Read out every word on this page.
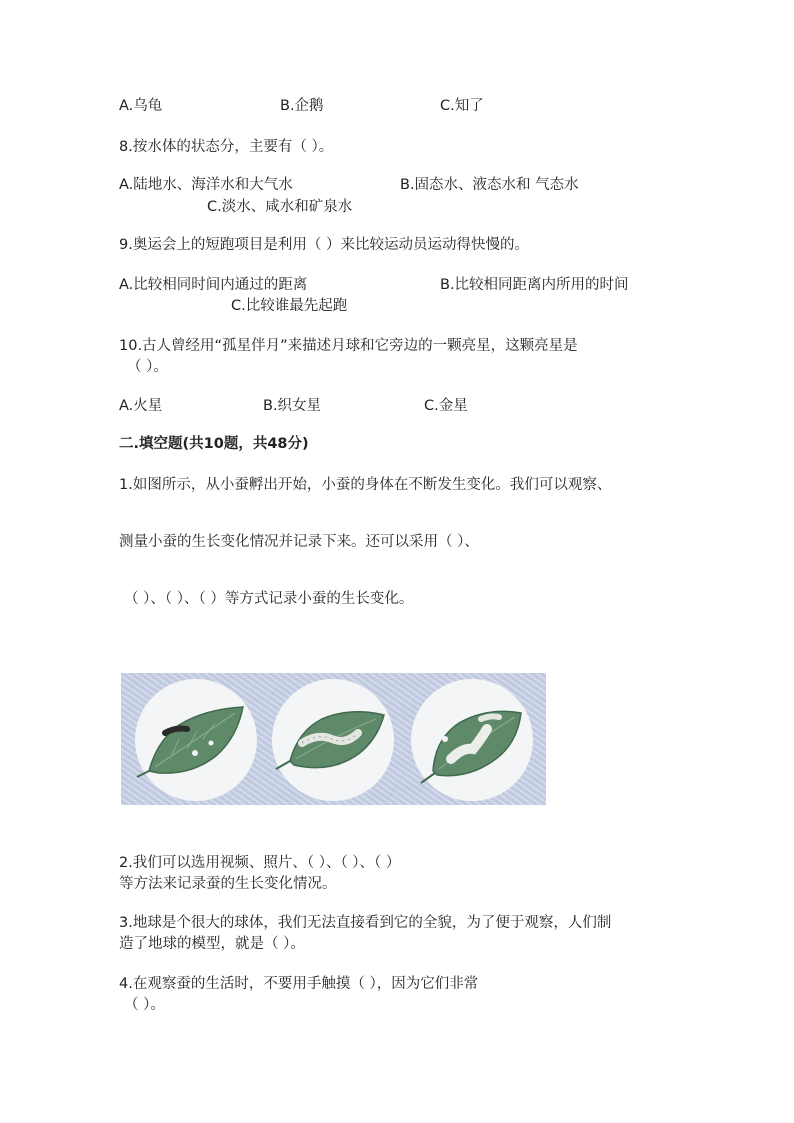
A.乌龟	B.企鹅	C.知了
8.按水体的状态分，主要有（ ）。
A.陆地水、海洋水和大气水	B.固态水、液态水和 气态水
C.淡水、咸水和矿泉水
9.奥运会上的短跑项目是利用（ ）来比较运动员运动得快慢的。
A.比较相同时间内通过的距离	B.比较相同距离内所用的时间
C.比较谁最先起跑
10.古人曾经用“孤星伴月”来描述月球和它旁边的一颗亮星，这颗亮星是
（ ）。
A.火星	B.织女星	C.金星
二.填空题(共10题，共48分)
1.如图所示，从小蚕孵出开始，小蚕的身体在不断发生变化。我们可以观察、
测量小蚕的生长变化情况并记录下来。还可以采用（ ）、
（ ）、（ ）、（ ）等方式记录小蚕的生长变化。
2.我们可以选用视频、照片、（ ）、（ ）、（ ）
等方法来记录蚕的生长变化情况。
3.地球是个很大的球体，我们无法直接看到它的全貌，为了便于观察，人们制
造了地球的模型，就是（ ）。
4.在观察蚕的生活时，不要用手触摸（ ），因为它们非常
（ ）。
